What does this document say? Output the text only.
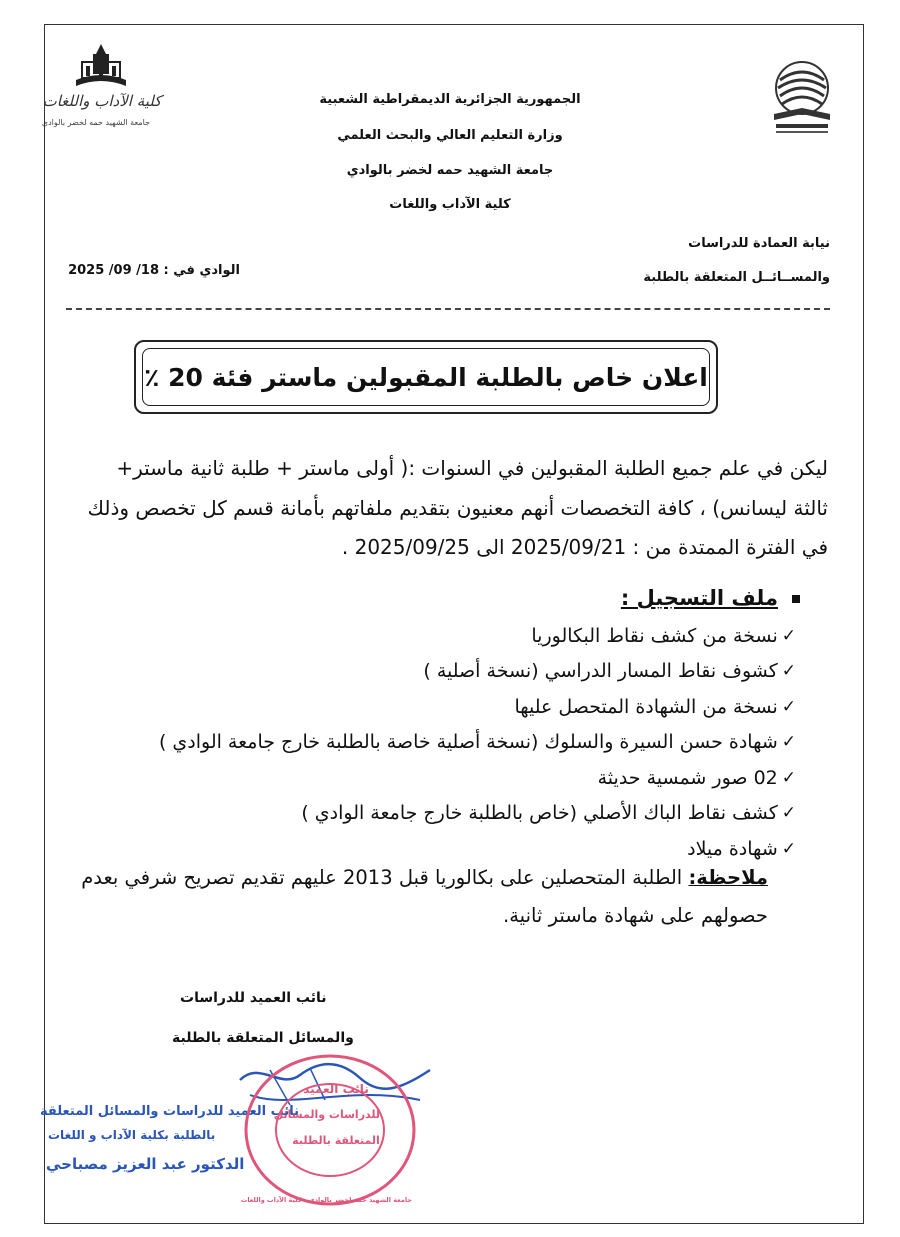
كلية الآداب واللغات
جامعة الشهيد حمه لخضر بالوادي
الجمهورية الجزائرية الديمقراطية الشعبية
وزارة التعليم العالي والبحث العلمي
جامعة الشهيد حمه لخضر بالوادي
كلية الآداب واللغات
نيابة العمادة للدراسات
والمســائــل المتعلقة بالطلبة
الوادي في : 18/ 09/ 2025
اعلان خاص بالطلبة المقبولين ماستر فئة 20 ٪
ليكن في علم جميع الطلبة المقبولين في السنوات :( أولى ماستر + طلبة ثانية ماستر+
ثالثة ليسانس) ، كافة التخصصات أنهم معنيون بتقديم ملفاتهم بأمانة قسم كل تخصص وذلك
في الفترة الممتدة من : 2025/09/21 الى 2025/09/25 .
ملف التسجيل :
✓
نسخة من كشف نقاط البكالوريا
✓
كشوف نقاط المسار الدراسي (نسخة أصلية )
✓
نسخة من الشهادة المتحصل عليها
✓
شهادة حسن السيرة والسلوك (نسخة أصلية خاصة بالطلبة خارج جامعة الوادي )
✓
02 صور شمسية حديثة
✓
كشف نقاط الباك الأصلي (خاص بالطلبة خارج جامعة الوادي )
✓
شهادة ميلاد
ملاحظة: الطلبة المتحصلين على بكالوريا قبل 2013 عليهم تقديم تصريح شرفي بعدم
حصولهم على شهادة ماستر ثانية.
نائب العميد للدراسات
والمسائل المتعلقة بالطلبة
نائب العميد للدراسات والمسائل المتعلقة
بالطلبة بكلية الآداب و اللغات
الدكتور عبد العزيز مصباحي
نائب العميد
للدراسات والمسائل
المتعلقة بالطلبة
جامعة الشهيد حمه لخضر بالوادي - كلية الآداب واللغات
